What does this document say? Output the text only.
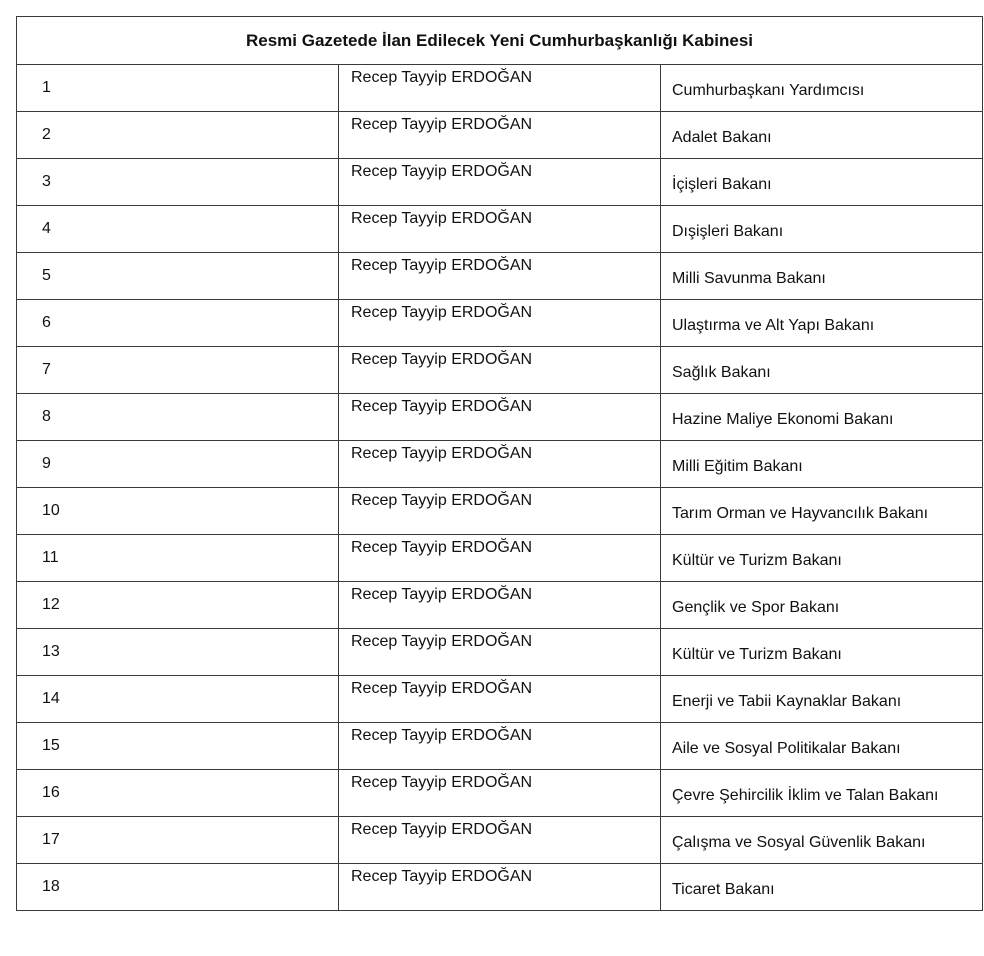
Resmi Gazetede İlan Edilecek Yeni Cumhurbaşkanlığı Kabinesi		
1	Recep Tayyip ERDOĞAN	Cumhurbaşkanı Yardımcısı
2	Recep Tayyip ERDOĞAN	Adalet Bakanı
3	Recep Tayyip ERDOĞAN	İçişleri Bakanı
4	Recep Tayyip ERDOĞAN	Dışişleri Bakanı
5	Recep Tayyip ERDOĞAN	Milli Savunma Bakanı
6	Recep Tayyip ERDOĞAN	Ulaştırma ve Alt Yapı Bakanı
7	Recep Tayyip ERDOĞAN	Sağlık Bakanı
8	Recep Tayyip ERDOĞAN	Hazine Maliye Ekonomi Bakanı
9	Recep Tayyip ERDOĞAN	Milli Eğitim Bakanı
10	Recep Tayyip ERDOĞAN	Tarım Orman ve Hayvancılık Bakanı
11	Recep Tayyip ERDOĞAN	Kültür ve Turizm Bakanı
12	Recep Tayyip ERDOĞAN	Gençlik ve Spor Bakanı
13	Recep Tayyip ERDOĞAN	Kültür ve Turizm Bakanı
14	Recep Tayyip ERDOĞAN	Enerji ve Tabii Kaynaklar Bakanı
15	Recep Tayyip ERDOĞAN	Aile ve Sosyal Politikalar Bakanı
16	Recep Tayyip ERDOĞAN	Çevre Şehircilik İklim ve Talan Bakanı
17	Recep Tayyip ERDOĞAN	Çalışma ve Sosyal Güvenlik Bakanı
18	Recep Tayyip ERDOĞAN	Ticaret Bakanı
